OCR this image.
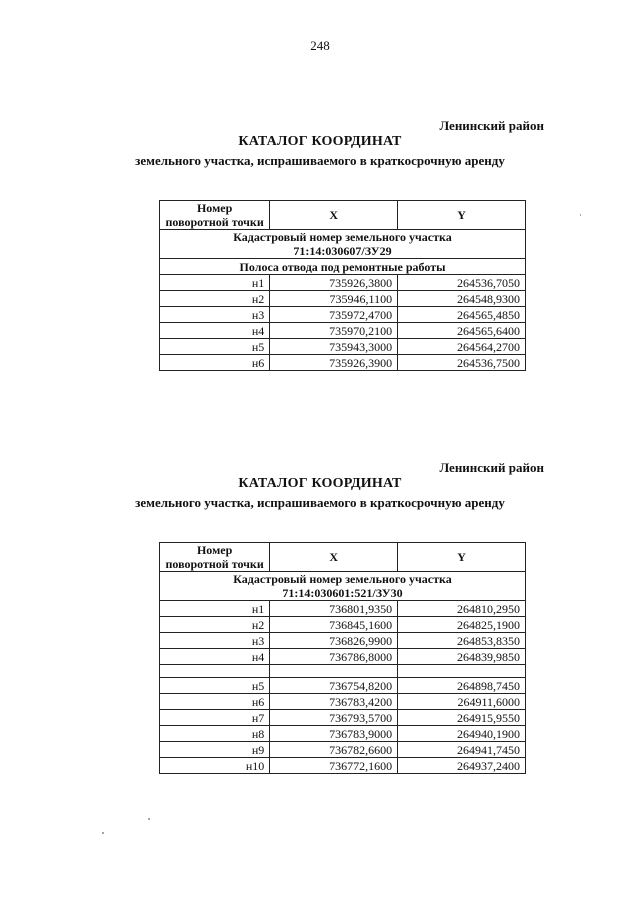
248
Ленинский район
КАТАЛОГ КООРДИНАТ
земельного участка, испрашиваемого в краткосрочную аренду
Номер поворотной точки	X	Y

Кадастровый номер земельного участка
71:14:030607/ЗУ29		

Полоса отвода под ремонтные работы		
н1	735926,3800	264536,7050
н2	735946,1100	264548,9300
н3	735972,4700	264565,4850
н4	735970,2100	264565,6400
н5	735943,3000	264564,2700
н6	735926,3900	264536,7500
Ленинский район
КАТАЛОГ КООРДИНАТ
земельного участка, испрашиваемого в краткосрочную аренду
Номер поворотной точки	X	Y

Кадастровый номер земельного участка
71:14:030601:521/ЗУ30		

н1	736801,9350	264810,2950
н2	736845,1600	264825,1900
н3	736826,9900	264853,8350
н4	736786,8000	264839,9850

н5	736754,8200	264898,7450
н6	736783,4200	264911,6000
н7	736793,5700	264915,9550
н8	736783,9000	264940,1900
н9	736782,6600	264941,7450
н10	736772,1600	264937,2400
